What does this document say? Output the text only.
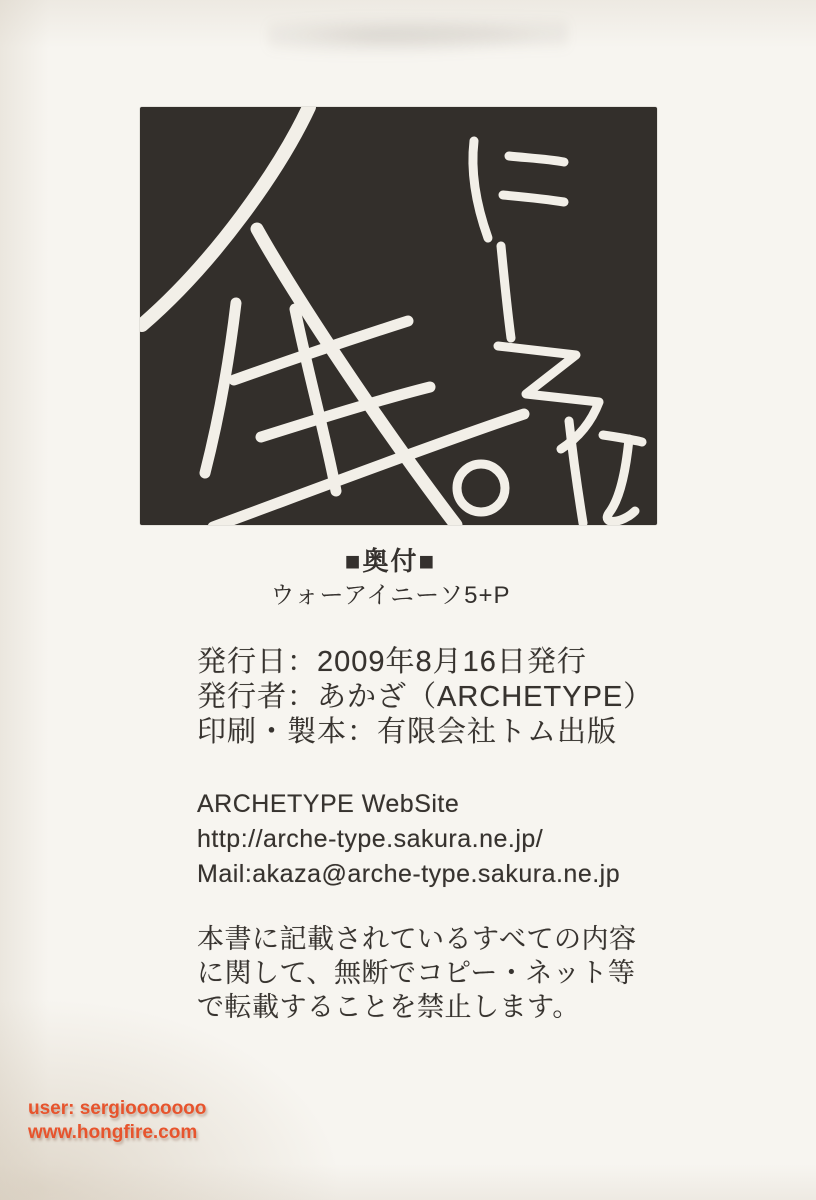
■奥付■
ウォーアイニーソ5+P
発行日：2009年8月16日発行
発行者：あかざ（ARCHETYPE）
印刷・製本：有限会社トム出版
ARCHETYPE WebSite
http://arche-type.sakura.ne.jp/
Mail:akaza@arche-type.sakura.ne.jp
本書に記載されているすべての内容
に関して、無断でコピー・ネット等
で転載することを禁止します。
user: sergiooooooo
www.hongfire.com
